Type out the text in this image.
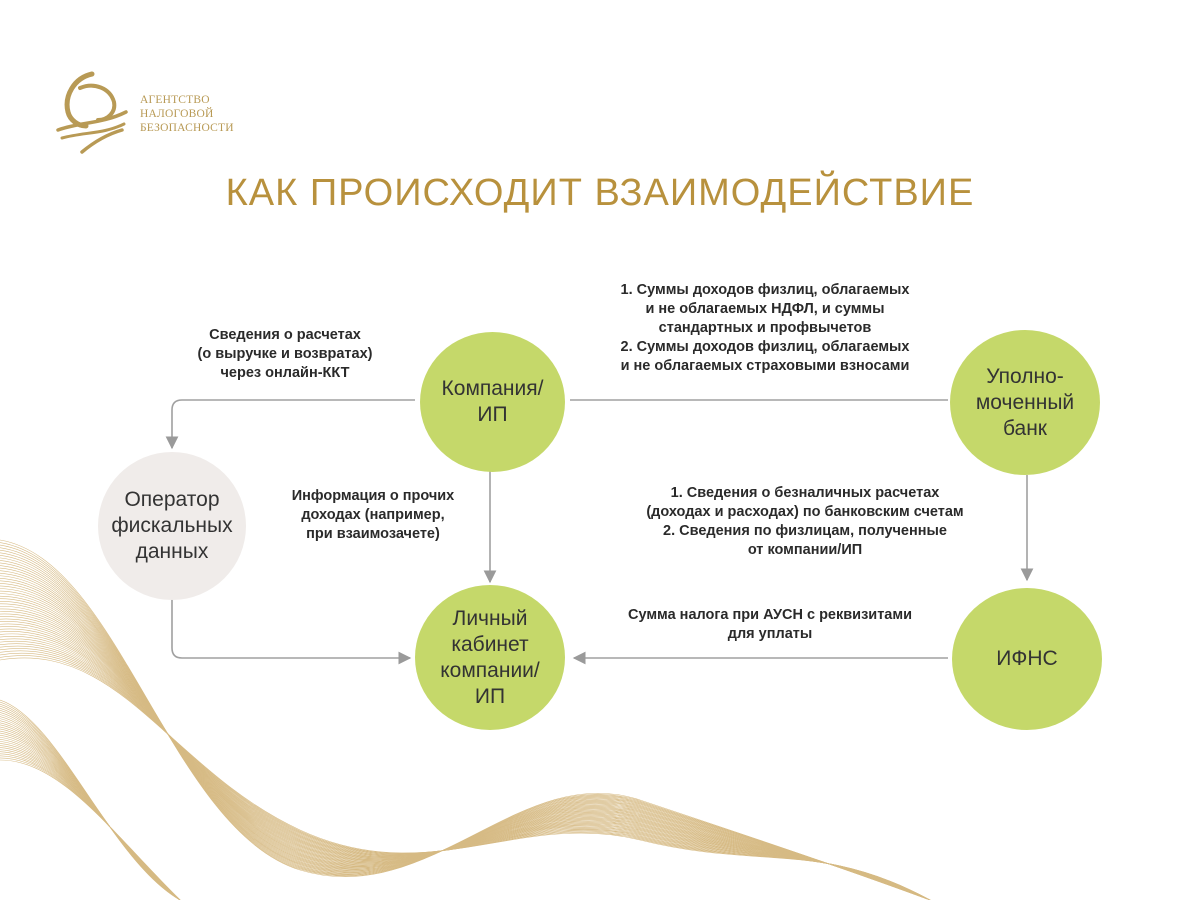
АГЕНТСТВО
НАЛОГОВОЙ
БЕЗОПАСНОСТИ
КАК ПРОИСХОДИТ ВЗАИМОДЕЙСТВИЕ
Компания/
ИП
Уполно-
моченный
банк
Оператор
фискальных
данных
Личный
кабинет
компании/
ИП
ИФНС
Сведения о расчетах
(о выручке и возвратах)
через онлайн-ККТ
1. Суммы доходов физлиц, облагаемых
и не облагаемых НДФЛ, и суммы
стандартных и профвычетов
2. Суммы доходов физлиц, облагаемых
и не облагаемых страховыми взносами
Информация о прочих
доходах (например,
при взаимозачете)
1. Сведения о безналичных расчетах
(доходах и расходах) по банковским счетам
2. Сведения по физлицам, полученные
от компании/ИП
Сумма налога при АУСН с реквизитами
для уплаты
